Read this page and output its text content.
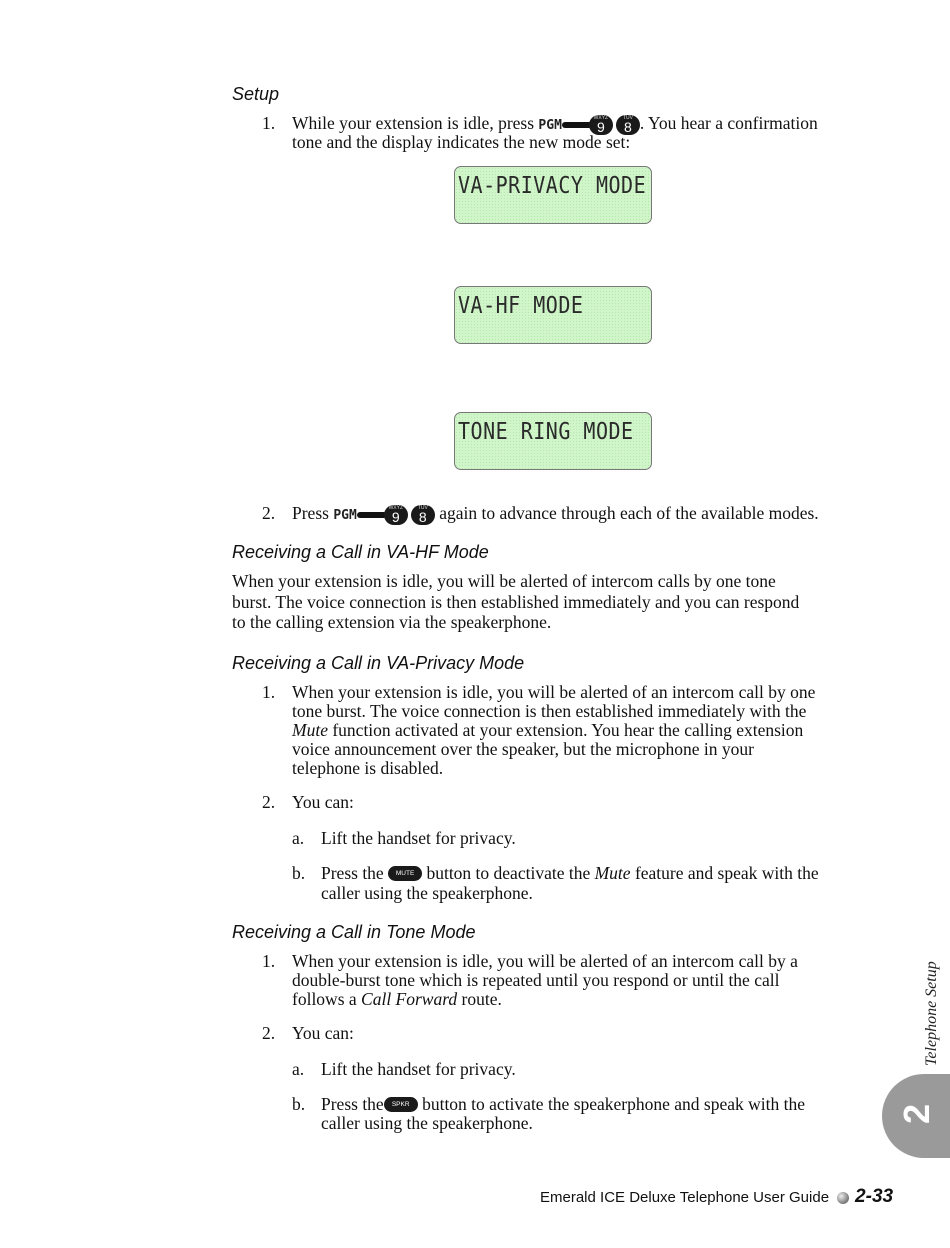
Setup
1. While your extension is idle, press PGM
WXYZ
9
TUV
8 . You hear a confirmation
tone and the display indicates the new mode set:
VA-PRIVACY MODE
VA-HF MODE
TONE RING MODE
2. Press PGM
WXYZ
9
TUV
8 again to advance through each of the available modes.
Receiving a Call in VA-HF Mode
When your extension is idle, you will be alerted of intercom calls by one tone
burst. The voice connection is then established immediately and you can respond
to the calling extension via the speakerphone.
Receiving a Call in VA-Privacy Mode
1. When your extension is idle, you will be alerted of an intercom call by one
tone burst. The voice connection is then established immediately with the
Mute function activated at your extension. You hear the calling extension
voice announcement over the speaker, but the microphone in your
telephone is disabled.
2. You can:
a. Lift the handset for privacy.
b. Press the MUTE button to deactivate the Mute feature and speak with the
caller using the speakerphone.
Receiving a Call in Tone Mode
1. When your extension is idle, you will be alerted of an intercom call by a
double-burst tone which is repeated until you respond or until the call
follows a Call Forward route.
2. You can:
a. Lift the handset for privacy.
b. Press the SPKR button to activate the speakerphone and speak with the
caller using the speakerphone.
Telephone Setup
2
Emerald ICE Deluxe Telephone User Guide 2-33
